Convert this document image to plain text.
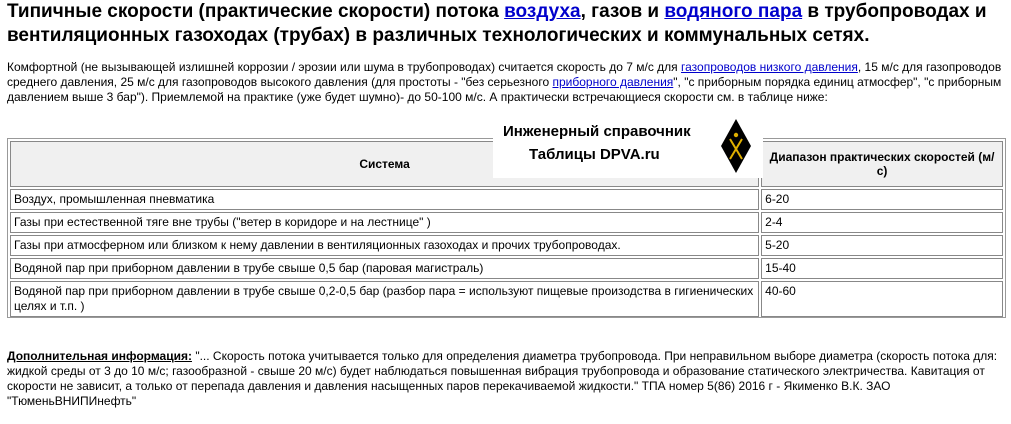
Типичные скорости (практические скорости) потока воздуха, газов и водяного пара в трубопроводах и вентиляционных газоходах (трубах) в различных технологических и коммунальных сетях.
Комфортной (не вызывающей излишней коррозии / эрозии или шума в трубопроводах) считается скорость до 7 м/с для газопроводов низкого давления, 15 м/с для газопроводов среднего давления, 25 м/с для газопроводов высокого давления (для простоты - "без серьезного приборного давления", "с приборным порядка единиц атмосфер", "с приборным давлением выше 3 бар"). Приемлемой на практике (уже будет шумно)- до 50-100 м/с. А практически встречающиеся скорости см. в таблице ниже:
Система	Диапазон практических скоростей (м/с)
Воздух, промышленная пневматика	6-20
Газы при естественной тяге вне трубы ("ветер в коридоре и на лестнице" )	2-4
Газы при атмосферном или близком к нему давлении в вентиляционных газоходах и прочих трубопроводах.	5-20
Водяной пар при приборном давлении в трубе свыше 0,5 бар (паровая магистраль)	15-40
Водяной пар при приборном давлении в трубе свыше 0,2-0,5 бар (разбор пара = используют пищевые произодства в гигиенических целях и т.п. )	40-60
Инженерный справочник
Таблицы DPVA.ru
Дополнительная информация: "... Скорость потока учитывается только для определения диаметра трубопровода. При неправильном выборе диаметра (скорость потока для: жидкой среды от 3 до 10 м/с; газообразной - свыше 20 м/с) будет наблюдаться повышенная вибрация трубопровода и образование статического электричества. Кавитация от скорости не зависит, а только от перепада давления и давления насыщенных паров перекачиваемой жидкости." ТПА номер 5(86) 2016 г - Якименко В.К. ЗАО "ТюменьВНИПИнефть"
